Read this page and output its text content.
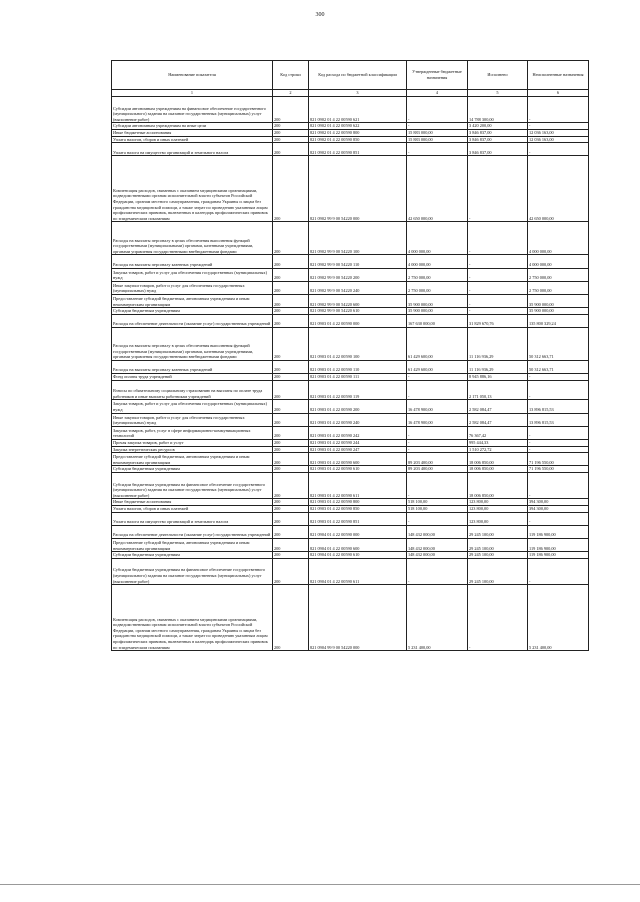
300
Наименование показателя	Код строки	Код расхода по бюджетной классификации	Утвержденные бюджетные назначения	Исполнено	Неисполненные назначения
1	2	3	4	5	6
Субсидии автономным учреждениям на финансовое обеспечение государственного (муниципального) задания на оказание государственных (муниципальных) услуг (выполнение работ)	200	821 0902 01 4 22 00590 621	-	14 788 300,00	-
Субсидии автономным учреждениям на иные цели	200	821 0902 01 4 22 00590 622	-	3 420 200,00	-
Иные бюджетные ассигнования	200	821 0902 01 4 22 00590 800	15 883 000,00	3 846 837,00	12 036 163,00
Уплата налогов, сборов и иных платежей	200	821 0902 01 4 22 00590 850	15 883 000,00	3 846 837,00	12 036 163,00
Уплата налога на имущество организаций и земельного налога	200	821 0902 01 4 22 00590 851	-	3 846 837,00	-
Компенсация расходов, связанных с оказанием медицинскими организациями, подведомственными органам исполнительной власти субъектов Российской Федерации, органам местного самоуправления, гражданам Украины и лицам без гражданства медицинской помощи, а также затрат по проведению указанным лицам профилактических прививок, включенных в календарь профилактических прививок по эпидемическим показаниям	200	821 0902 99 9 00 54220 000	42 650 000,00	-	42 650 000,00
Расходы на выплаты персоналу в целях обеспечения выполнения функций государственными (муниципальными) органами, казенными учреждениями, органами управления государственными внебюджетными фондами	200	821 0902 99 9 00 54220 100	4 000 000,00	-	4 000 000,00
Расходы на выплаты персоналу казенных учреждений	200	821 0902 99 9 00 54220 110	4 000 000,00	-	4 000 000,00
Закупка товаров, работ и услуг для обеспечения государственных (муниципальных) нужд	200	821 0902 99 9 00 54220 200	2 750 000,00	-	2 750 000,00
Иные закупки товаров, работ и услуг для обеспечения государственных (муниципальных) нужд	200	821 0902 99 9 00 54220 240	2 750 000,00	-	2 750 000,00
Предоставление субсидий бюджетным, автономным учреждениям и иным некоммерческим организациям	200	821 0902 99 9 00 54220 600	35 900 000,00	-	35 900 000,00
Субсидии бюджетным учреждениям	200	821 0902 99 9 00 54220 610	35 900 000,00	-	35 900 000,00
Расходы на обеспечение деятельности (оказание услуг) государственных учреждений	200	821 0903 01 4 22 00590 000	167 630 000,00	31 829 670,76	135 800 329,24
Расходы на выплаты персоналу в целях обеспечения выполнения функций государственными (муниципальными) органами, казенными учреждениями, органами управления государственными внебюджетными фондами	200	821 0903 01 4 22 00590 100	61 429 600,00	11 116 936,29	50 312 663,71
Расходы на выплаты персоналу казенных учреждений	200	821 0903 01 4 22 00590 110	61 429 600,00	11 116 936,29	50 312 663,71
Фонд оплаты труда учреждений	200	821 0903 01 4 22 00590 111	-	8 945 886,16	-
Взносы по обязательному социальному страхованию на выплаты по оплате труда работников и иные выплаты работникам учреждений	200	821 0903 01 4 22 00590 119	-	2 171 050,13	-
Закупка товаров, работ и услуг для обеспечения государственных (муниципальных) нужд	200	821 0903 01 4 22 00590 200	16 478 900,00	2 582 084,47	13 896 815,53
Иные закупки товаров, работ и услуг для обеспечения государственных (муниципальных) нужд	200	821 0903 01 4 22 00590 240	16 478 900,00	2 582 084,47	13 896 815,53
Закупка товаров, работ, услуг в сфере информационно-коммуникационных технологий	200	821 0903 01 4 22 00590 242	-	76 367,42	-
Прочая закупка товаров, работ и услуг	200	821 0903 01 4 22 00590 244	-	995 444,33	-
Закупка энергетических ресурсов	200	821 0903 01 4 22 00590 247	-	1 510 272,72	-
Предоставление субсидий бюджетным, автономным учреждениям и иным некоммерческим организациям	200	821 0903 01 4 22 00590 600	89 203 400,00	18 006 850,00	71 196 550,00
Субсидии бюджетным учреждениям	200	821 0903 01 4 22 00590 610	89 203 400,00	18 006 850,00	71 196 550,00
Субсидии бюджетным учреждениям на финансовое обеспечение государственного (муниципального) задания на оказание государственных (муниципальных) услуг (выполнение работ)	200	821 0903 01 4 22 00590 611	-	18 006 850,00	-
Иные бюджетные ассигнования	200	821 0903 01 4 22 00590 800	518 100,00	123 800,00	394 300,00
Уплата налогов, сборов и иных платежей	200	821 0903 01 4 22 00590 850	518 100,00	123 800,00	394 300,00
Уплата налога на имущество организаций и земельного налога	200	821 0903 01 4 22 00590 851	-	123 800,00	-
Расходы на обеспечение деятельности (оказание услуг) государственных учреждений	200	821 0904 01 4 22 00590 000	148 432 000,00	29 245 100,00	119 186 900,00
Предоставление субсидий бюджетным, автономным учреждениям и иным некоммерческим организациям	200	821 0904 01 4 22 00590 600	148 432 000,00	29 245 100,00	119 186 900,00
Субсидии бюджетным учреждениям	200	821 0904 01 4 22 00590 610	148 432 000,00	29 245 100,00	119 186 900,00
Субсидии бюджетным учреждениям на финансовое обеспечение государственного (муниципального) задания на оказание государственных (муниципальных) услуг (выполнение работ)	200	821 0904 01 4 22 00590 611	-	29 245 100,00	-
Компенсация расходов, связанных с оказанием медицинскими организациями, подведомственными органам исполнительной власти субъектов Российской Федерации, органам местного самоуправления, гражданам Украины и лицам без гражданства медицинской помощи, а также затрат по проведению указанным лицам профилактических прививок, включенных в календарь профилактических прививок по эпидемическим показаниям	200	821 0904 99 9 00 54220 000	5 231 400,00	-	5 231 400,00
